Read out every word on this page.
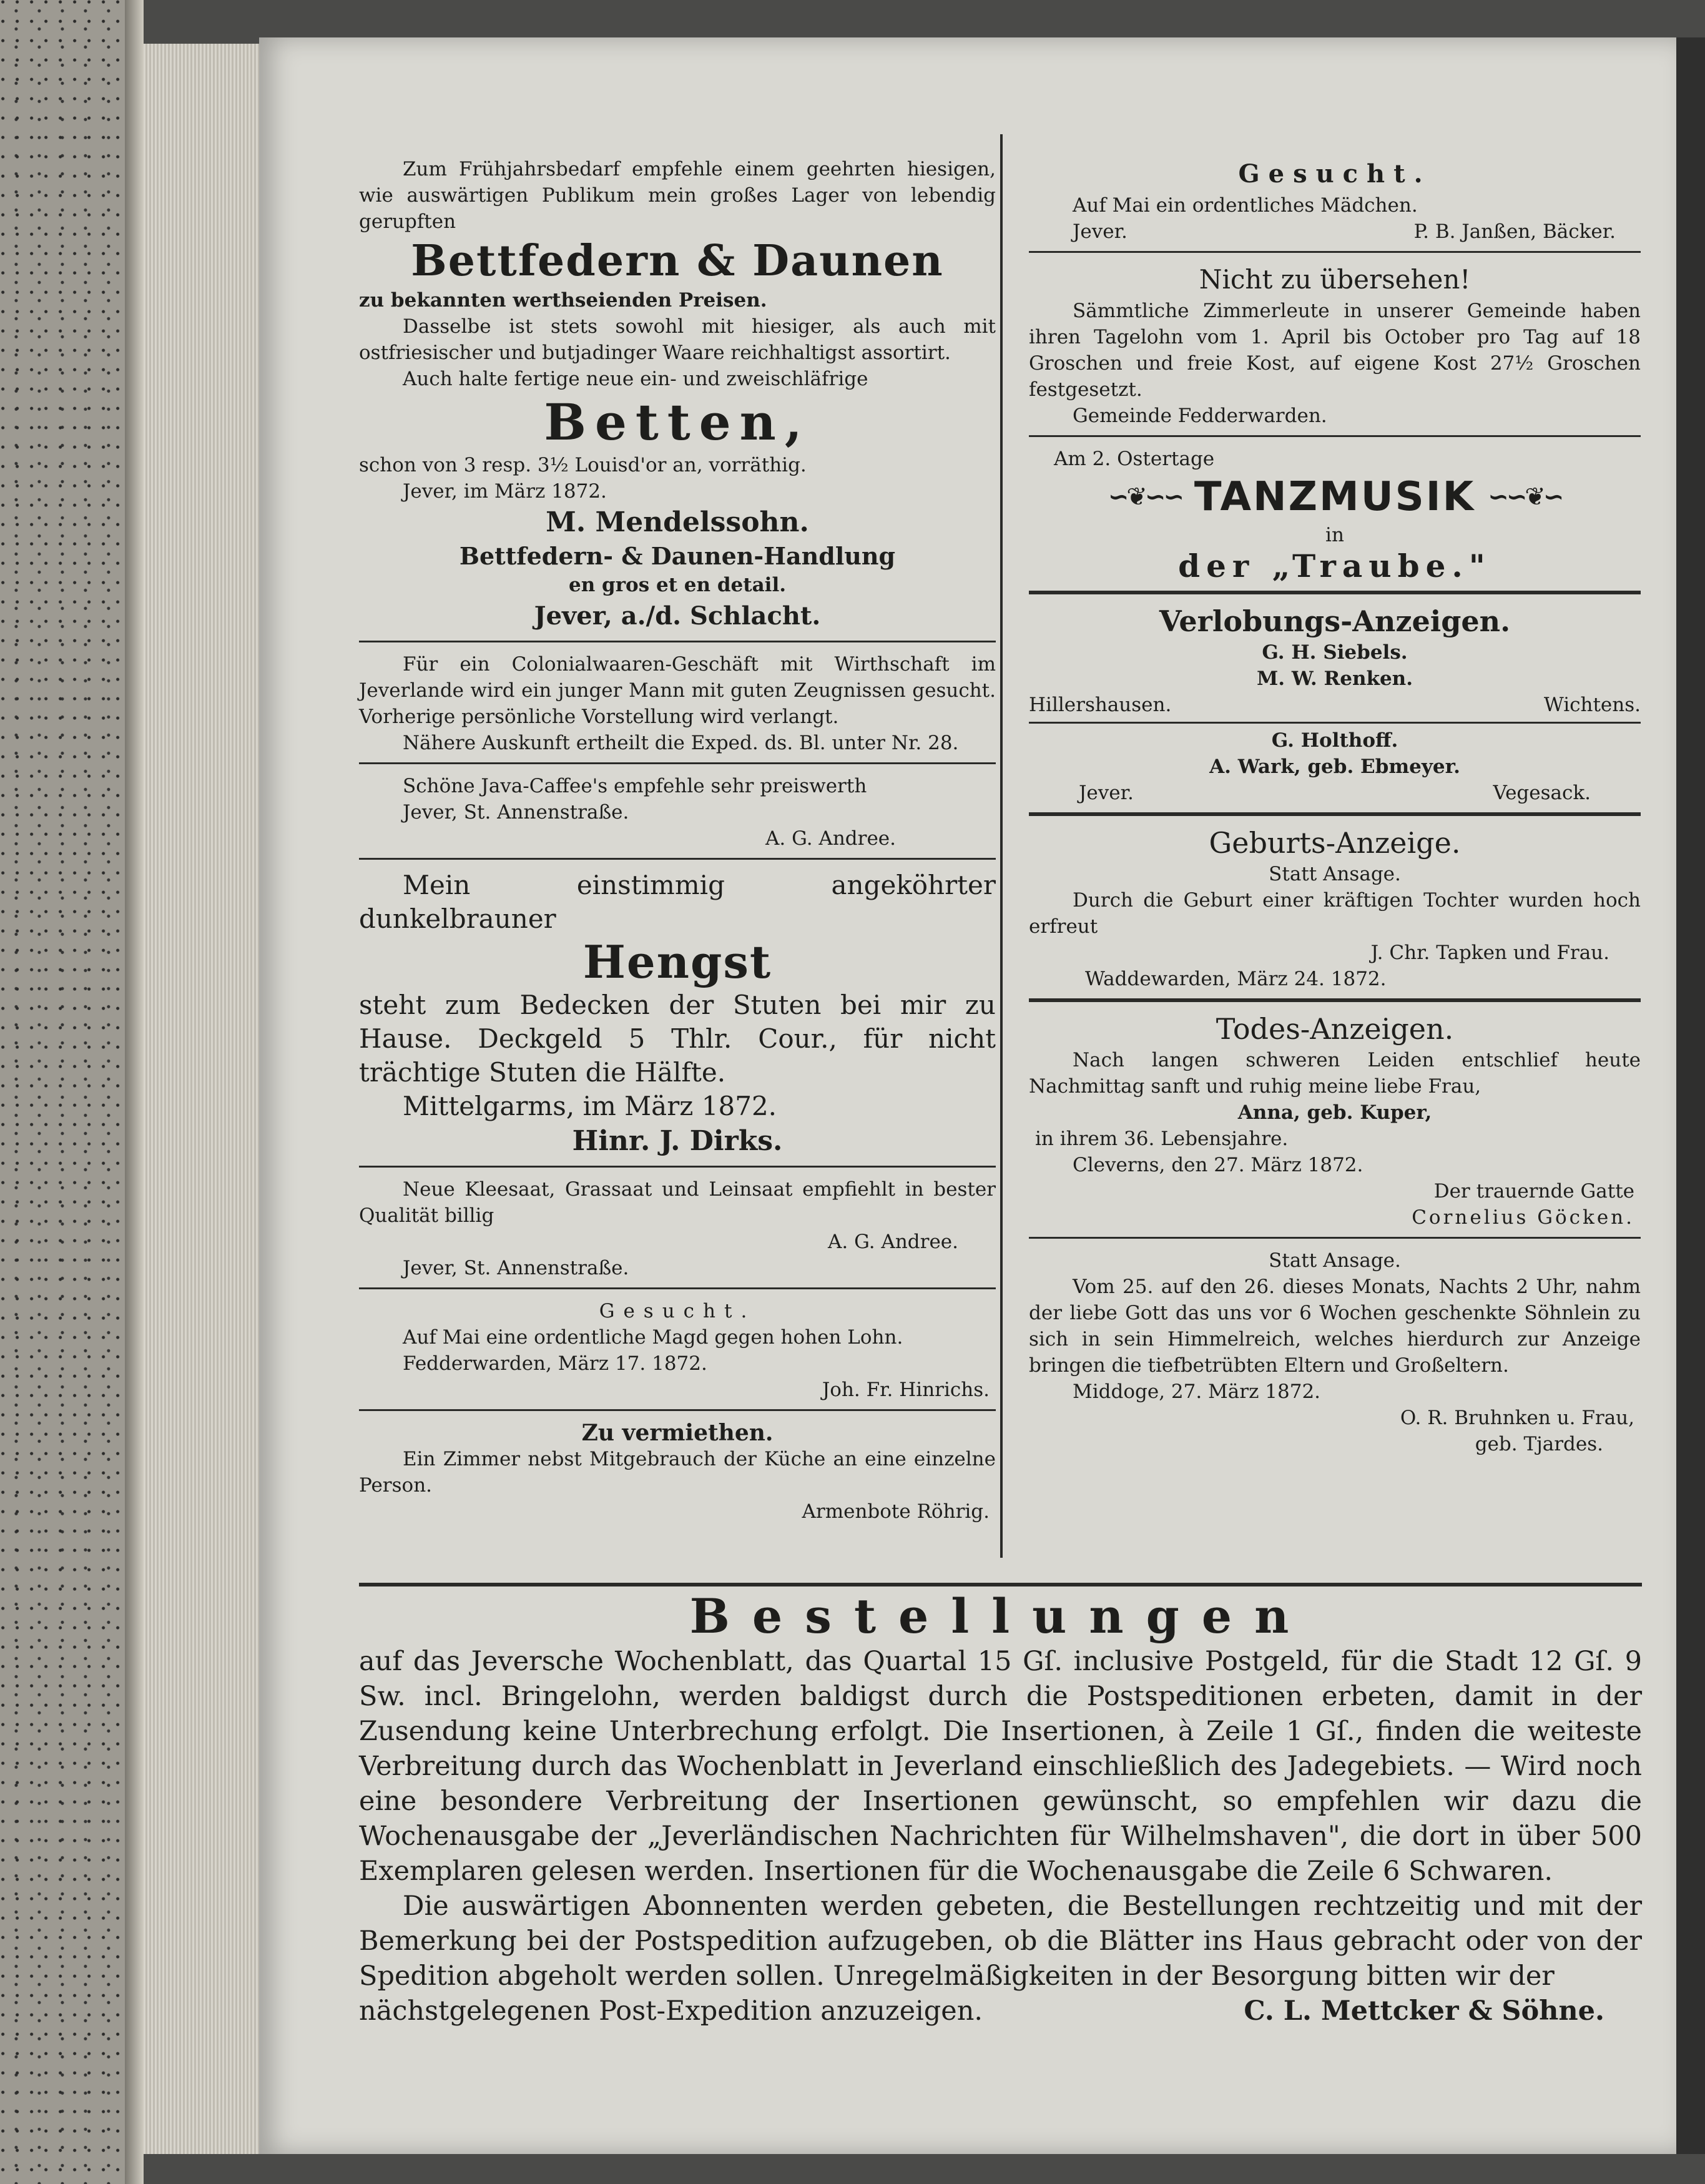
Zum Frühjahrsbedarf empfehle einem geehrten hiesigen, wie auswärtigen Publikum mein großes Lager von lebendig gerupften
Bettfedern & Daunen
zu bekannten werthseienden Preisen.
Dasselbe ist stets sowohl mit hiesiger, als auch mit ostfriesischer und butjadinger Waare reichhaltigst assortirt.
Auch halte fertige neue ein- und zweischläfrige
Betten,
schon von 3 resp. 3½ Louisd'or an, vorräthig.
Jever, im März 1872.
M. Mendelssohn.
Bettfedern- & Daunen-Handlung
en gros et en detail.
Jever, a./d. Schlacht.
Für ein Colonialwaaren-Geschäft mit Wirthschaft im Jeverlande wird ein junger Mann mit guten Zeugnissen gesucht. Vorherige persönliche Vorstellung wird verlangt.
Nähere Auskunft ertheilt die Exped. ds. Bl. unter Nr. 28.
Schöne Java-Caffee's empfehle sehr preiswerth
Jever, St. Annenstraße.
A. G. Andree.
Mein einstimmig angeköhrter dunkelbrauner
Hengst
steht zum Bedecken der Stuten bei mir zu Hause. Deckgeld 5 Thlr. Cour., für nicht trächtige Stuten die Hälfte.
Mittelgarms, im März 1872.
Hinr. J. Dirks.
Neue Kleesaat, Grassaat und Leinsaat empfiehlt in bester Qualität billig
A. G. Andree.
Jever, St. Annenstraße.
Gesucht.
Auf Mai eine ordentliche Magd gegen hohen Lohn.
Fedderwarden, März 17. 1872.
Joh. Fr. Hinrichs.
Zu vermiethen.
Ein Zimmer nebst Mitgebrauch der Küche an eine einzelne Person.
Armenbote Röhrig.
Gesucht.
Auf Mai ein ordentliches Mädchen.
Jever.	P. B. Janßen, Bäcker.
Nicht zu übersehen!
Sämmtliche Zimmerleute in unserer Gemeinde haben ihren Tagelohn vom 1. April bis October pro Tag auf 18 Groschen und freie Kost, auf eigene Kost 27½ Groschen festgesetzt.
Gemeinde Fedderwarden.
Am 2. Ostertage
∽❦∽∽ TANZMUSIK ∽∽❦∽
in
der „Traube."
Verlobungs-Anzeigen.
G. H. Siebels.
M. W. Renken.
Hillershausen.	Wichtens.
G. Holthoff.
A. Wark, geb. Ebmeyer.
Jever.	Vegesack.
Geburts-Anzeige.
Statt Ansage.
Durch die Geburt einer kräftigen Tochter wurden hoch erfreut
J. Chr. Tapken und Frau.
Waddewarden, März 24. 1872.
Todes-Anzeigen.
Nach langen schweren Leiden entschlief heute Nachmittag sanft und ruhig meine liebe Frau,
Anna, geb. Kuper,
in ihrem 36. Lebensjahre.
Cleverns, den 27. März 1872.
Der trauernde Gatte
Cornelius Göcken.
Statt Ansage.
Vom 25. auf den 26. dieses Monats, Nachts 2 Uhr, nahm der liebe Gott das uns vor 6 Wochen geschenkte Söhnlein zu sich in sein Himmelreich, welches hierdurch zur Anzeige bringen die tiefbetrübten Eltern und Großeltern.
Middoge, 27. März 1872.
O. R. Bruhnken u. Frau,
geb. Tjardes.
Bestellungen
auf das Jeversche Wochenblatt, das Quartal 15 Gſ. inclusive Postgeld, für die Stadt 12 Gſ. 9 Sw. incl. Bringelohn, werden baldigst durch die Postspeditionen erbeten, damit in der Zusendung keine Unterbrechung erfolgt. Die Insertionen, à Zeile 1 Gſ., finden die weiteste Verbreitung durch das Wochenblatt in Jeverland einschließlich des Jadegebiets. — Wird noch eine besondere Verbreitung der Insertionen gewünscht, so empfehlen wir dazu die Wochenausgabe der „Jeverländischen Nachrichten für Wilhelmshaven", die dort in über 500 Exemplaren gelesen werden. Insertionen für die Wochenausgabe die Zeile 6 Schwaren.
Die auswärtigen Abonnenten werden gebeten, die Bestellungen rechtzeitig und mit der Bemerkung bei der Postspedition aufzugeben, ob die Blätter ins Haus gebracht oder von der Spedition abgeholt werden sollen. Unregelmäßigkeiten in der Besorgung bitten wir der
nächstgelegenen Post-Expedition anzuzeigen.	C. L. Mettcker & Söhne.
